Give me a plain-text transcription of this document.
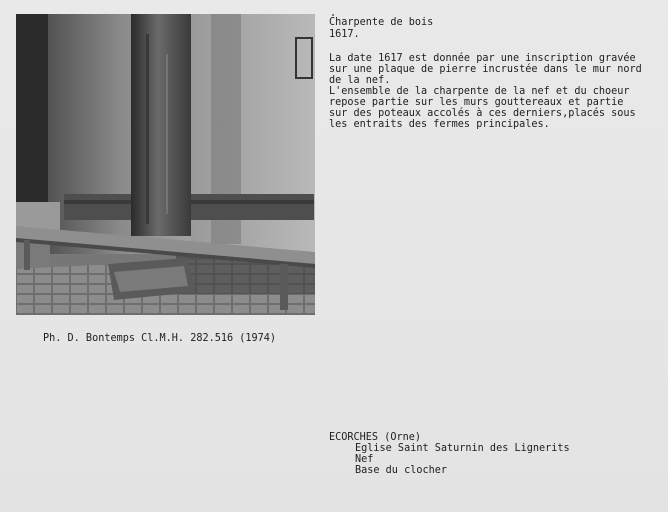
Charpente de bois
1617.
La date 1617 est donnée par une inscription gravée
sur une plaque de pierre incrustée dans le mur nord
de la nef.
L'ensemble de la charpente de la nef et du choeur
repose partie sur les murs gouttereaux et partie
sur des poteaux accolés à ces derniers,placés sous
les entraits des fermes principales.
Ph. D. Bontemps Cl.M.H. 282.516 (1974)
ECORCHES (Orne)
Eglise Saint Saturnin des Lignerits
Nef
Base du clocher
